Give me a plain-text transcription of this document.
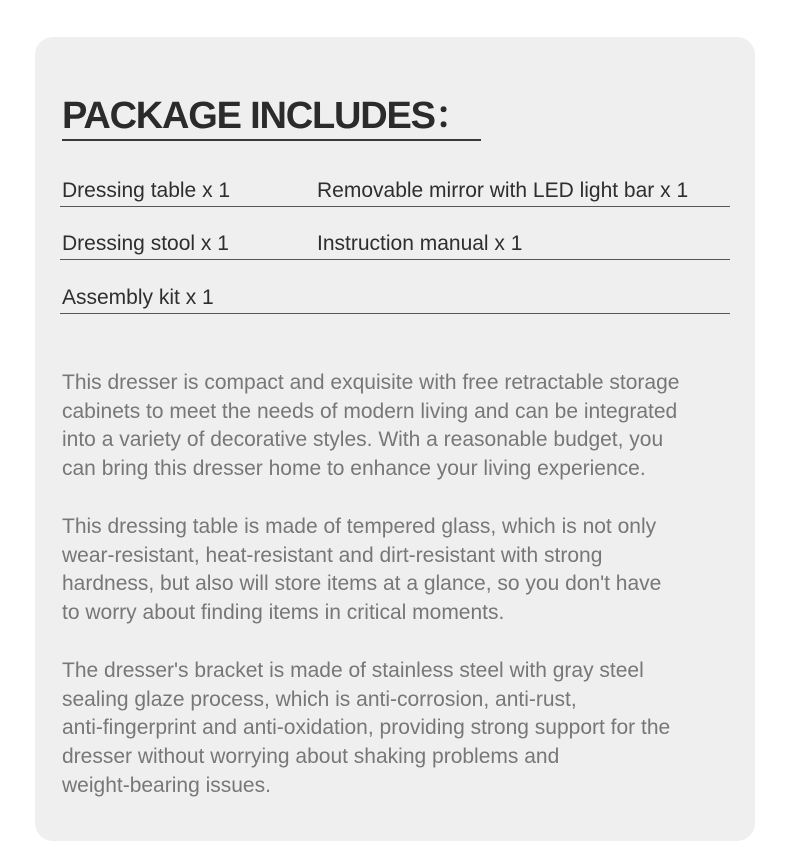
PACKAGE INCLUDES：
Dressing table x 1	Removable mirror with LED light bar x 1
Dressing stool x 1	Instruction manual x 1
Assembly kit x 1

This dresser is compact and exquisite with free retractable storage
cabinets to meet the needs of modern living and can be integrated
into a variety of decorative styles. With a reasonable budget, you
can bring this dresser home to enhance your living experience.

This dressing table is made of tempered glass, which is not only
wear-resistant, heat-resistant and dirt-resistant with strong
hardness, but also will store items at a glance, so you don't have
to worry about finding items in critical moments.

The dresser's bracket is made of stainless steel with gray steel
sealing glaze process, which is anti-corrosion, anti-rust,
anti-fingerprint and anti-oxidation, providing strong support for the
dresser without worrying about shaking problems and
weight-bearing issues.
